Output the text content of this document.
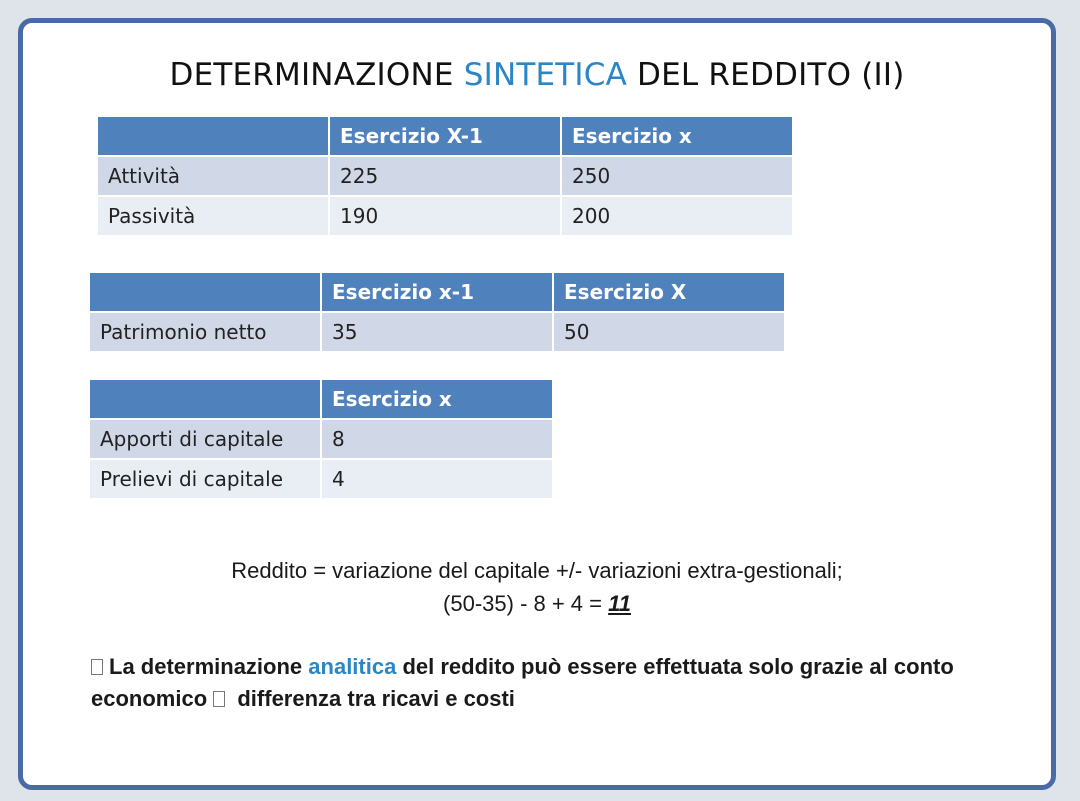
DETERMINAZIONE SINTETICA DEL REDDITO (II)
	Esercizio X-1	Esercizio x
Attività	225	250
Passività	190	200
	Esercizio x-1	Esercizio X
Patrimonio netto	35	50
	Esercizio x
Apporti di capitale	8
Prelievi di capitale	4
Reddito = variazione del capitale +/- variazioni extra-gestionali;
(50-35) - 8 + 4 = 11
La determinazione analitica del reddito può essere effettuata solo grazie al conto economico  differenza tra ricavi e costi
